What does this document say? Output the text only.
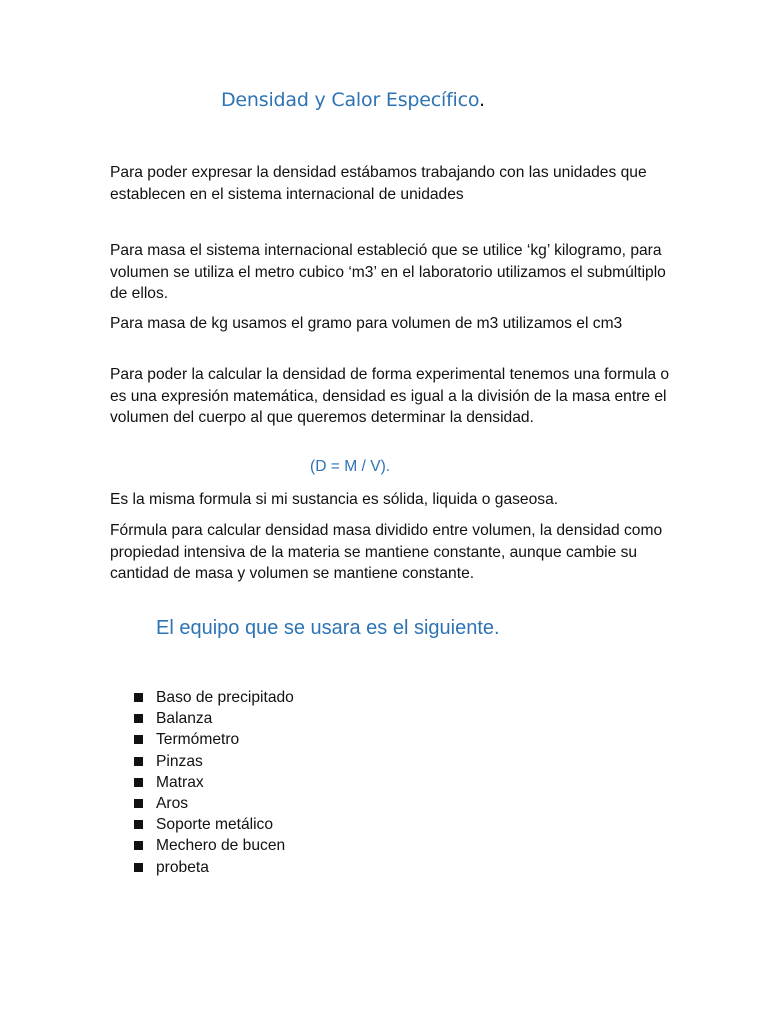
Densidad y Calor Específico.

Para poder expresar la densidad estábamos trabajando con las unidades que establecen en el sistema internacional de unidades

Para masa el sistema internacional estableció que se utilice ‘kg’ kilogramo, para volumen se utiliza el metro cubico ‘m3’ en el laboratorio utilizamos el submúltiplo de ellos.

Para masa de kg usamos el gramo para volumen de m3 utilizamos el cm3

Para poder la calcular la densidad de forma experimental tenemos una formula o es una expresión matemática, densidad es igual a la división de la masa entre el volumen del cuerpo al que queremos determinar la densidad.

(D = M / V).

Es la misma formula si mi sustancia es sólida, liquida o gaseosa.

Fórmula para calcular densidad masa dividido entre volumen, la densidad como propiedad intensiva de la materia se mantiene constante, aunque cambie su cantidad de masa y volumen se mantiene constante.

El equipo que se usara es el siguiente.
Baso de precipitado
Balanza
Termómetro
Pinzas
Matrax
Aros
Soporte metálico
Mechero de bucen
probeta
